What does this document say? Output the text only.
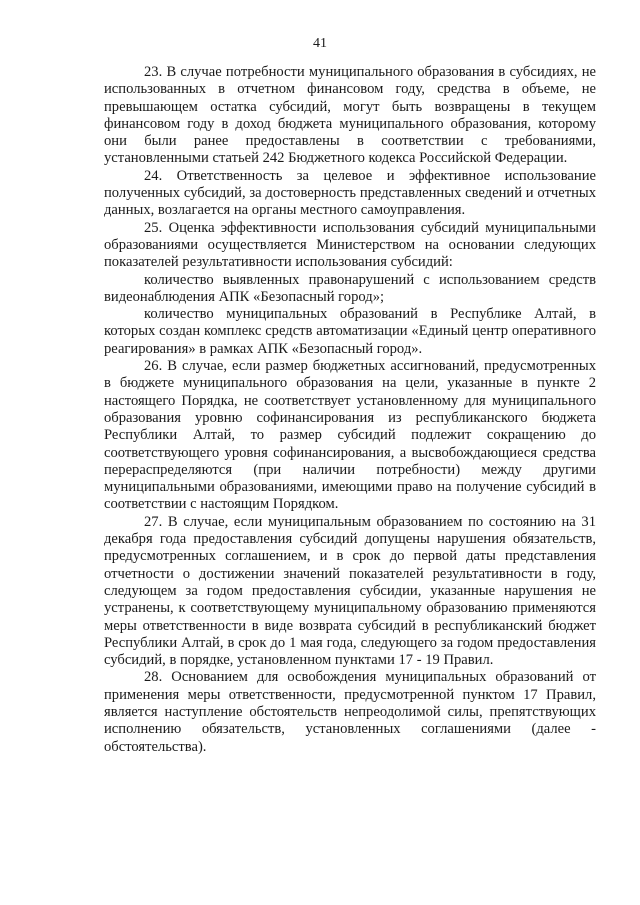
41

23. В случае потребности муниципального образования в субсидиях, не использованных в отчетном финансовом году, средства в объеме, не превышающем остатка субсидий, могут быть возвращены в текущем финансовом году в доход бюджета муниципального образования, которому они были ранее предоставлены в соответствии с требованиями, установленными статьей 242 Бюджетного кодекса Российской Федерации.

24. Ответственность за целевое и эффективное использование полученных субсидий, за достоверность представленных сведений и отчетных данных, возлагается на органы местного самоуправления.

25. Оценка эффективности использования субсидий муниципальными образованиями осуществляется Министерством на основании следующих показателей результативности использования субсидий:

количество выявленных правонарушений с использованием средств видеонаблюдения АПК «Безопасный город»;

количество муниципальных образований в Республике Алтай, в которых создан комплекс средств автоматизации «Единый центр оперативного реагирования» в рамках АПК «Безопасный город».

26. В случае, если размер бюджетных ассигнований, предусмотренных в бюджете муниципального образования на цели, указанные в пункте 2 настоящего Порядка, не соответствует установленному для муниципального образования уровню софинансирования из республиканского бюджета Республики Алтай, то размер субсидий подлежит сокращению до соответствующего уровня софинансирования, а высвобождающиеся средства перераспределяются (при наличии потребности) между другими муниципальными образованиями, имеющими право на получение субсидий в соответствии с настоящим Порядком.

27. В случае, если муниципальным образованием по состоянию на 31 декабря года предоставления субсидий допущены нарушения обязательств, предусмотренных соглашением, и в срок до первой даты представления отчетности о достижении значений показателей результативности в году, следующем за годом предоставления субсидии, указанные нарушения не устранены, к соответствующему муниципальному образованию применяются меры ответственности в виде возврата субсидий в республиканский бюджет Республики Алтай, в срок до 1 мая года, следующего за годом предоставления субсидий, в порядке, установленном пунктами 17 - 19 Правил.

28. Основанием для освобождения муниципальных образований от применения меры ответственности, предусмотренной пунктом 17 Правил, является наступление обстоятельств непреодолимой силы, препятствующих исполнению обязательств, установленных соглашениями (далее - обстоятельства).
